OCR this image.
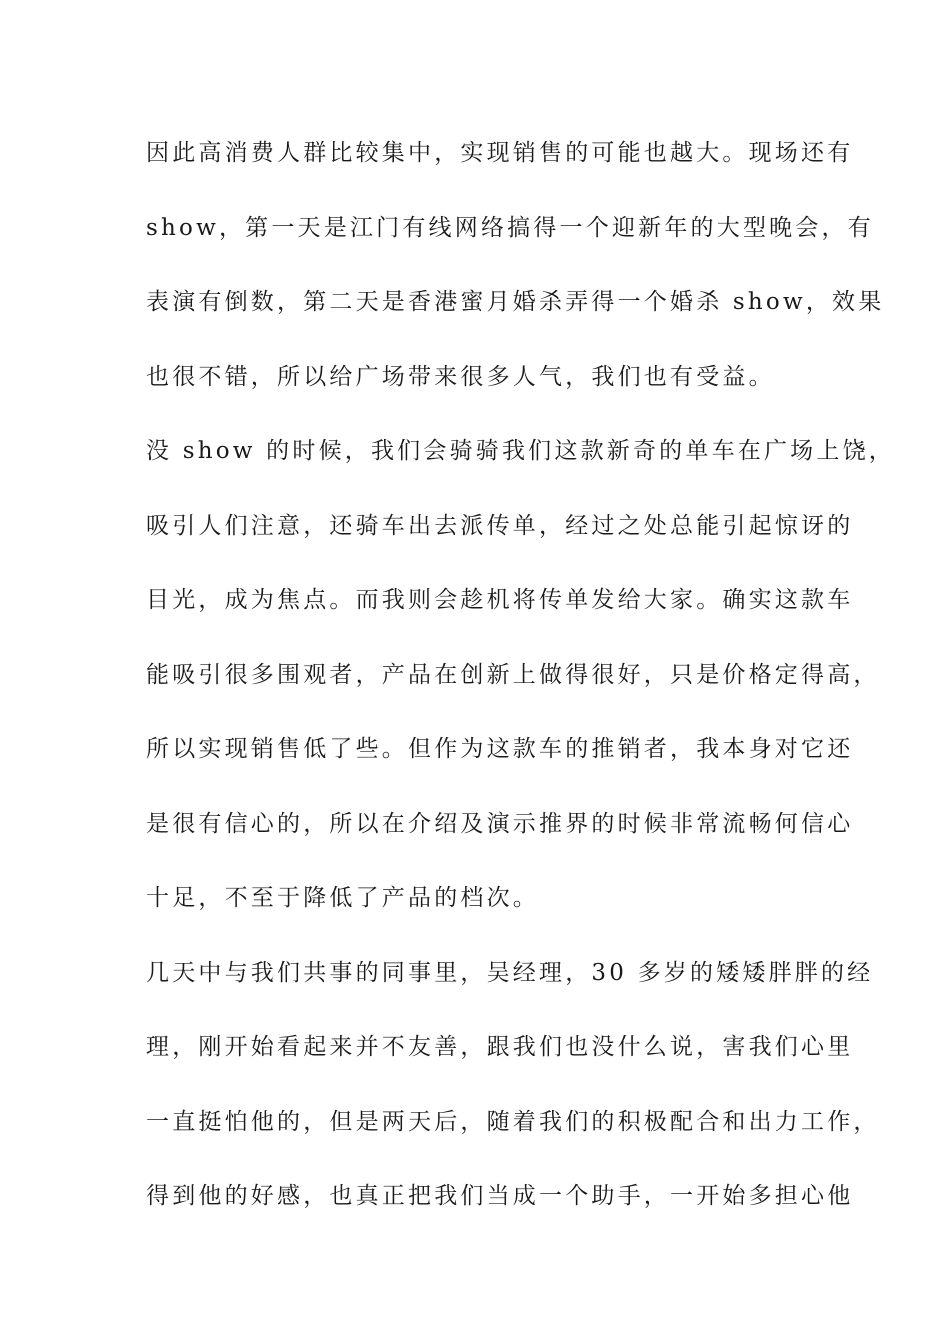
因此高消费人群比较集中，实现销售的可能也越大。现场还有
show，第一天是江门有线网络搞得一个迎新年的大型晚会，有
表演有倒数，第二天是香港蜜月婚杀弄得一个婚杀 show，效果
也很不错，所以给广场带来很多人气，我们也有受益。
没 show 的时候，我们会骑骑我们这款新奇的单车在广场上饶，
吸引人们注意，还骑车出去派传单，经过之处总能引起惊讶的
目光，成为焦点。而我则会趁机将传单发给大家。确实这款车
能吸引很多围观者，产品在创新上做得很好，只是价格定得高，
所以实现销售低了些。但作为这款车的推销者，我本身对它还
是很有信心的，所以在介绍及演示推界的时候非常流畅何信心
十足，不至于降低了产品的档次。
几天中与我们共事的同事里，吴经理，30 多岁的矮矮胖胖的经
理，刚开始看起来并不友善，跟我们也没什么说，害我们心里
一直挺怕他的，但是两天后，随着我们的积极配合和出力工作，
得到他的好感，也真正把我们当成一个助手，一开始多担心他
